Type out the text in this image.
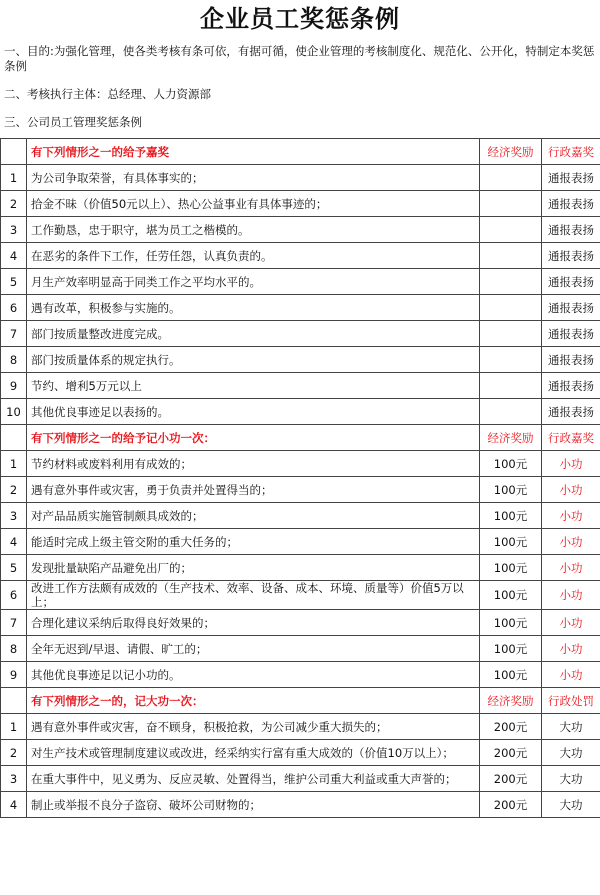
企业员工奖惩条例
一、目的:为强化管理，使各类考核有条可依，有据可循，使企业管理的考核制度化、规范化、公开化，特制定本奖惩条例
二、考核执行主体：总经理、人力资源部
三、公司员工管理奖惩条例
	有下列情形之一的给予嘉奖	经济奖励	行政嘉奖
1	为公司争取荣誉，有具体事实的；		通报表扬
2	拾金不昧（价值50元以上）、热心公益事业有具体事迹的；		通报表扬
3	工作勤恳，忠于职守，堪为员工之楷模的。		通报表扬
4	在恶劣的条件下工作，任劳任怨，认真负责的。		通报表扬
5	月生产效率明显高于同类工作之平均水平的。		通报表扬
6	遇有改革，积极参与实施的。		通报表扬
7	部门按质量整改进度完成。		通报表扬
8	部门按质量体系的规定执行。		通报表扬
9	节约、增利5万元以上		通报表扬
10	其他优良事迹足以表扬的。		通报表扬
	有下列情形之一的给予记小功一次：	经济奖励	行政嘉奖
1	节约材料或废料利用有成效的；	100元	小功
2	遇有意外事件或灾害，勇于负责并处置得当的；	100元	小功
3	对产品品质实施管制颇具成效的；	100元	小功
4	能适时完成上级主管交附的重大任务的；	100元	小功
5	发现批量缺陷产品避免出厂的；	100元	小功
6	改进工作方法颇有成效的（生产技术、效率、设备、成本、环境、质量等）价值5万以上；	100元	小功
7	合理化建议采纳后取得良好效果的；	100元	小功
8	全年无迟到/早退、请假、旷工的；	100元	小功
9	其他优良事迹足以记小功的。	100元	小功
	有下列情形之一的，记大功一次：	经济奖励	行政处罚
1	遇有意外事件或灾害，奋不顾身，积极抢救，为公司减少重大损失的；	200元	大功
2	对生产技术或管理制度建议或改进，经采纳实行富有重大成效的（价值10万以上）；	200元	大功
3	在重大事件中，见义勇为、反应灵敏、处置得当，维护公司重大利益或重大声誉的；	200元	大功
4	制止或举报不良分子盗窃、破坏公司财物的；	200元	大功
